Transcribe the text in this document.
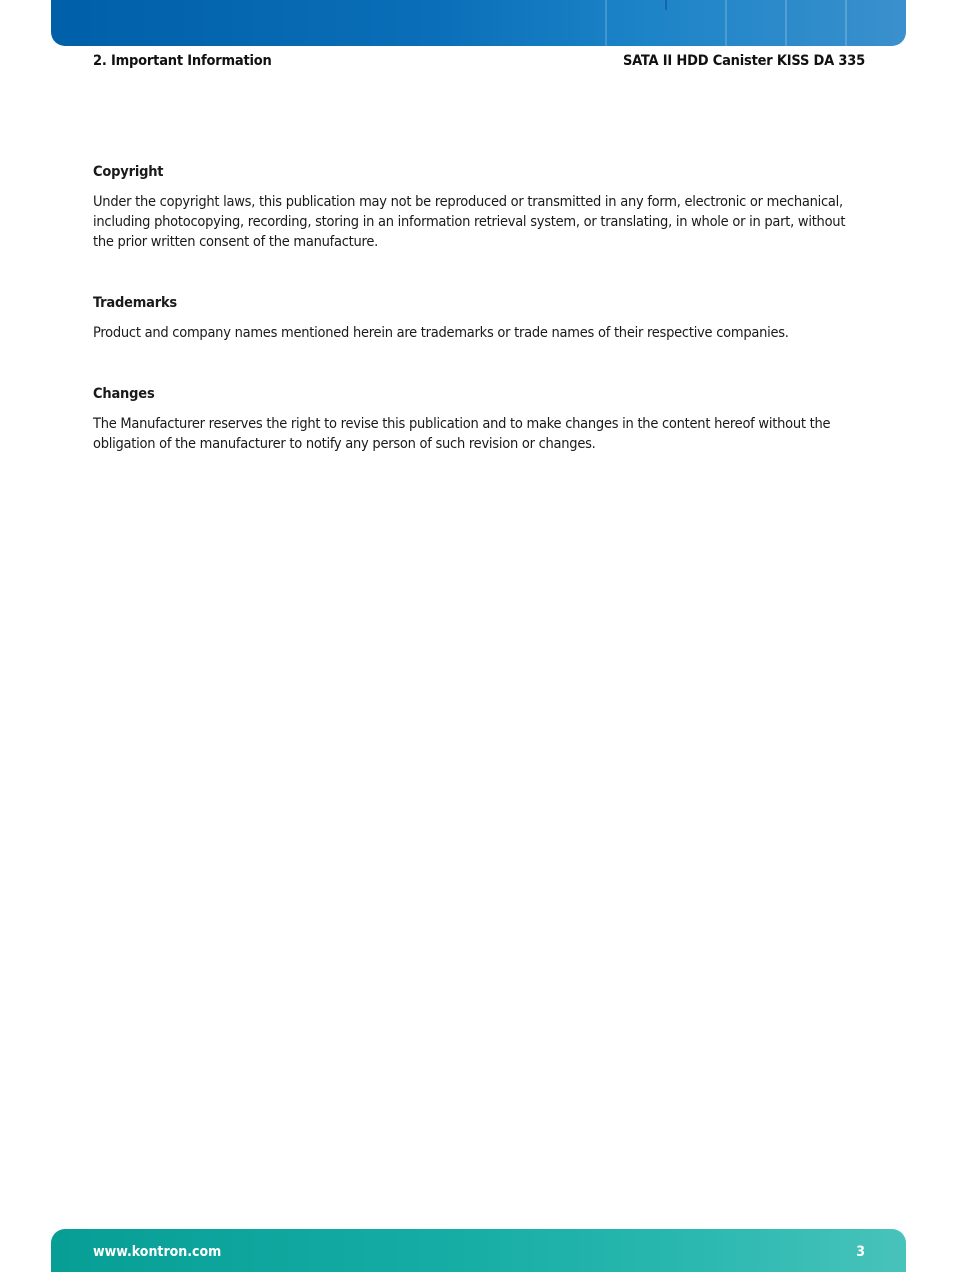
2. Important Information	SATA II HDD Canister KISS DA 335
Copyright

Under the copyright laws, this publication may not be reproduced or transmitted in any form, electronic or mechanical, including photocopying, recording, storing in an information retrieval system, or translating, in whole or in part, without the prior written consent of the manufacture.

Trademarks

Product and company names mentioned herein are trademarks or trade names of their respective companies.

Changes

The Manufacturer reserves the right to revise this publication and to make changes in the content hereof without the obligation of the manufacturer to notify any person of such revision or changes.

www.kontron.com	3
